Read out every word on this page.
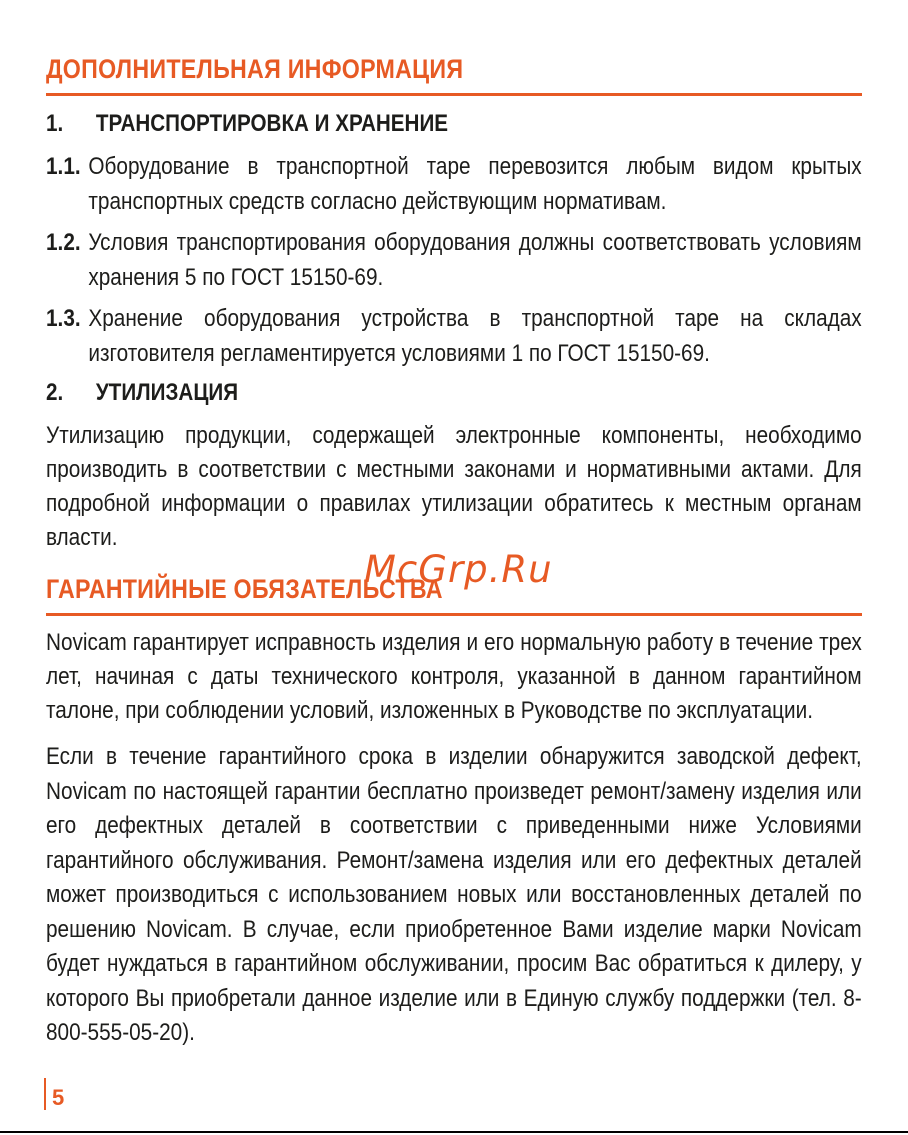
ДОПОЛНИТЕЛЬНАЯ ИНФОРМАЦИЯ
1.	ТРАНСПОРТИРОВКА И ХРАНЕНИЕ
1.1. Оборудование в транспортной таре перевозится любым видом крытых транспортных средств согласно действующим нормативам.
1.2. Условия транспортирования оборудования должны соответствовать условиям хранения 5 по ГОСТ 15150-69.
1.3. Хранение оборудования устройства в транспортной таре на складах изготовителя регламентируется условиями 1 по ГОСТ 15150-69.
2.	УТИЛИЗАЦИЯ
Утилизацию продукции, содержащей электронные компоненты, необходимо производить в соответствии с местными законами и нормативными актами. Для подробной информации о правилах утилизации обратитесь к местным органам власти.
ГАРАНТИЙНЫЕ ОБЯЗАТЕЛЬСТВА
Novicam гарантирует исправность изделия и его нормальную работу в течение трех лет, начиная с даты технического контроля, указанной в данном гарантийном талоне, при соблюдении условий, изложенных в Руководстве по эксплуатации.
Если в течение гарантийного срока в изделии обнаружится заводской дефект, Novicam по настоящей гарантии бесплатно произведет ремонт/замену изделия или его дефектных деталей в соответствии с приведенными ниже Условиями гарантийного обслуживания. Ремонт/замена изделия или его дефектных деталей может производиться с использованием новых или восстановленных деталей по решению Novicam. В случае, если приобретенное Вами изделие марки Novicam будет нуждаться в гарантийном обслуживании, просим Вас обратиться к дилеру, у которого Вы приобретали данное изделие или в Единую службу поддержки (тел. 8-800-555-05-20).
McGrp.Ru
5
